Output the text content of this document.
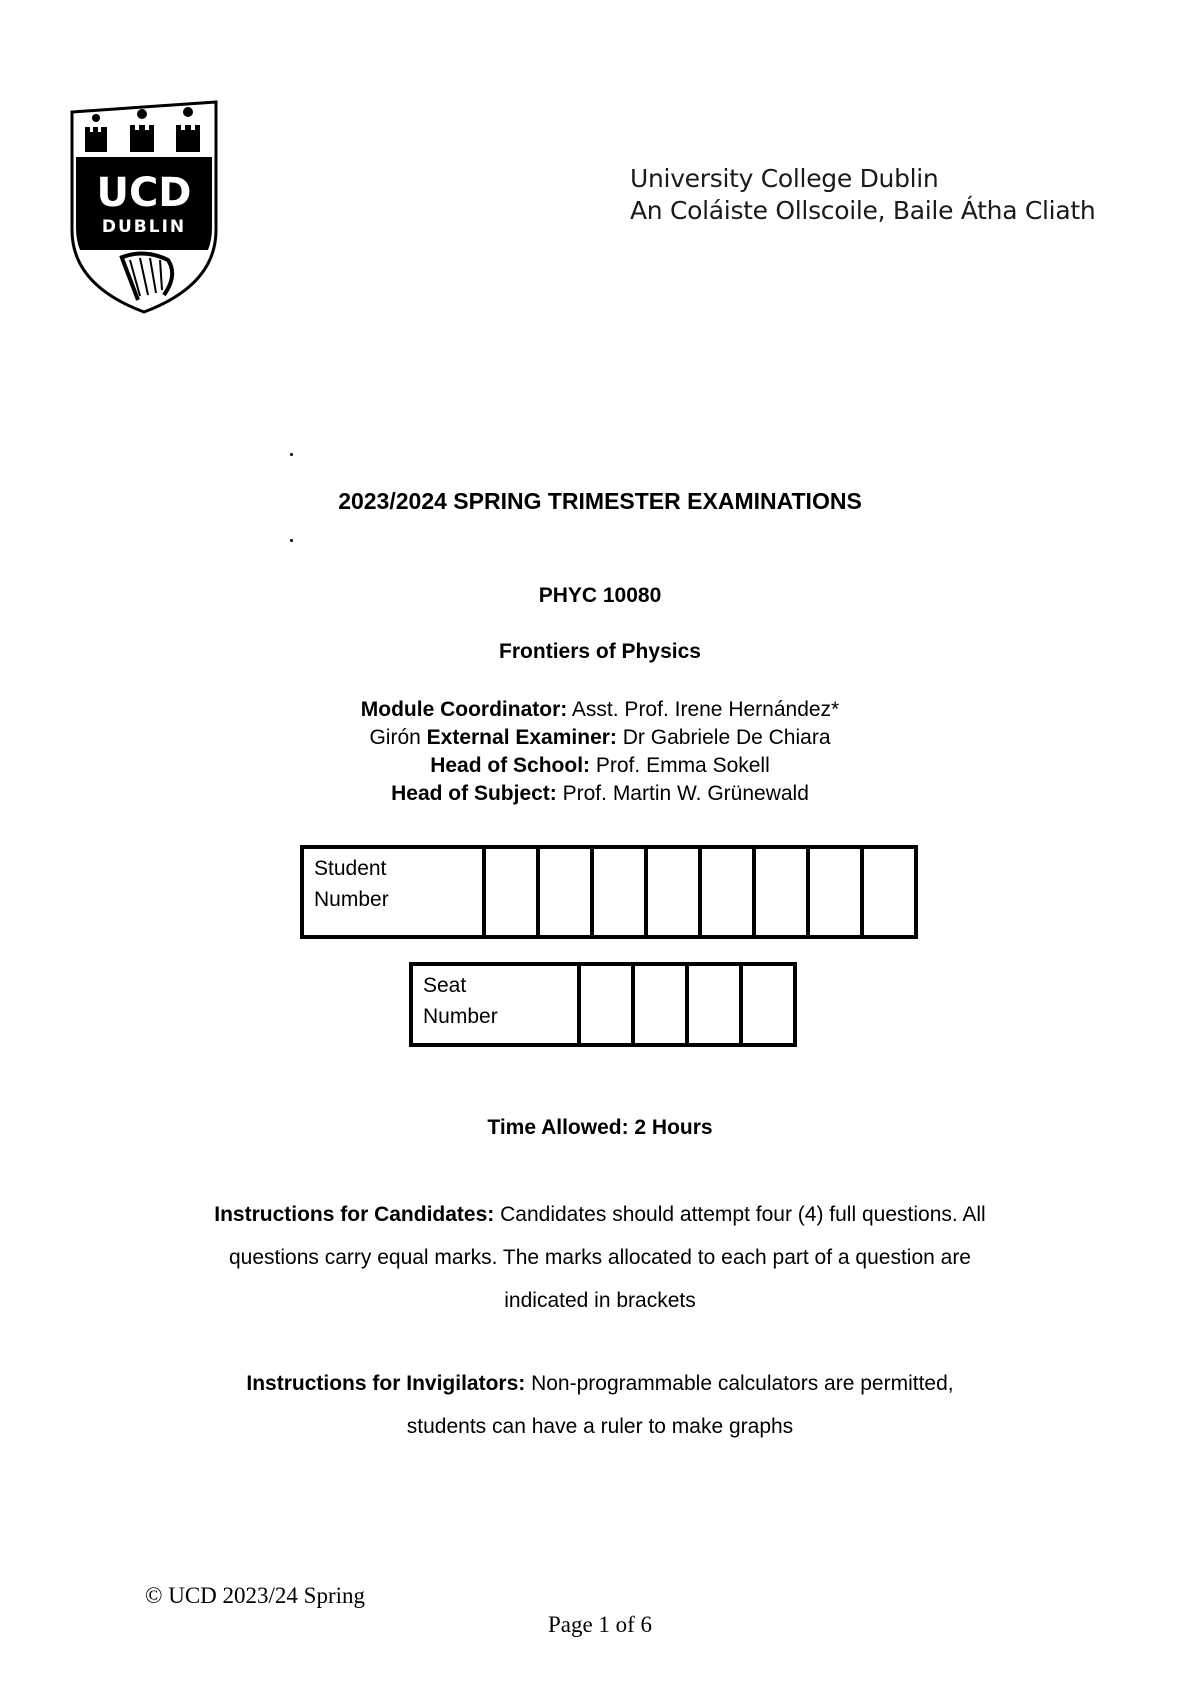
UCD
DUBLIN
University College Dublin
An Coláiste Ollscoile, Baile Átha Cliath
2023/2024 SPRING TRIMESTER EXAMINATIONS
PHYC 10080
Frontiers of Physics
Module Coordinator: Asst. Prof. Irene Hernández*
Girón External Examiner: Dr Gabriele De Chiara
Head of School: Prof. Emma Sokell
Head of Subject: Prof. Martin W. Grünewald
Student
Number

Seat
Number

Time Allowed: 2 Hours
Instructions for Candidates: Candidates should attempt four (4) full questions. All
questions carry equal marks. The marks allocated to each part of a question are
indicated in brackets
Instructions for Invigilators: Non-programmable calculators are permitted,
students can have a ruler to make graphs
© UCD 2023/24 Spring
Page 1 of 6
